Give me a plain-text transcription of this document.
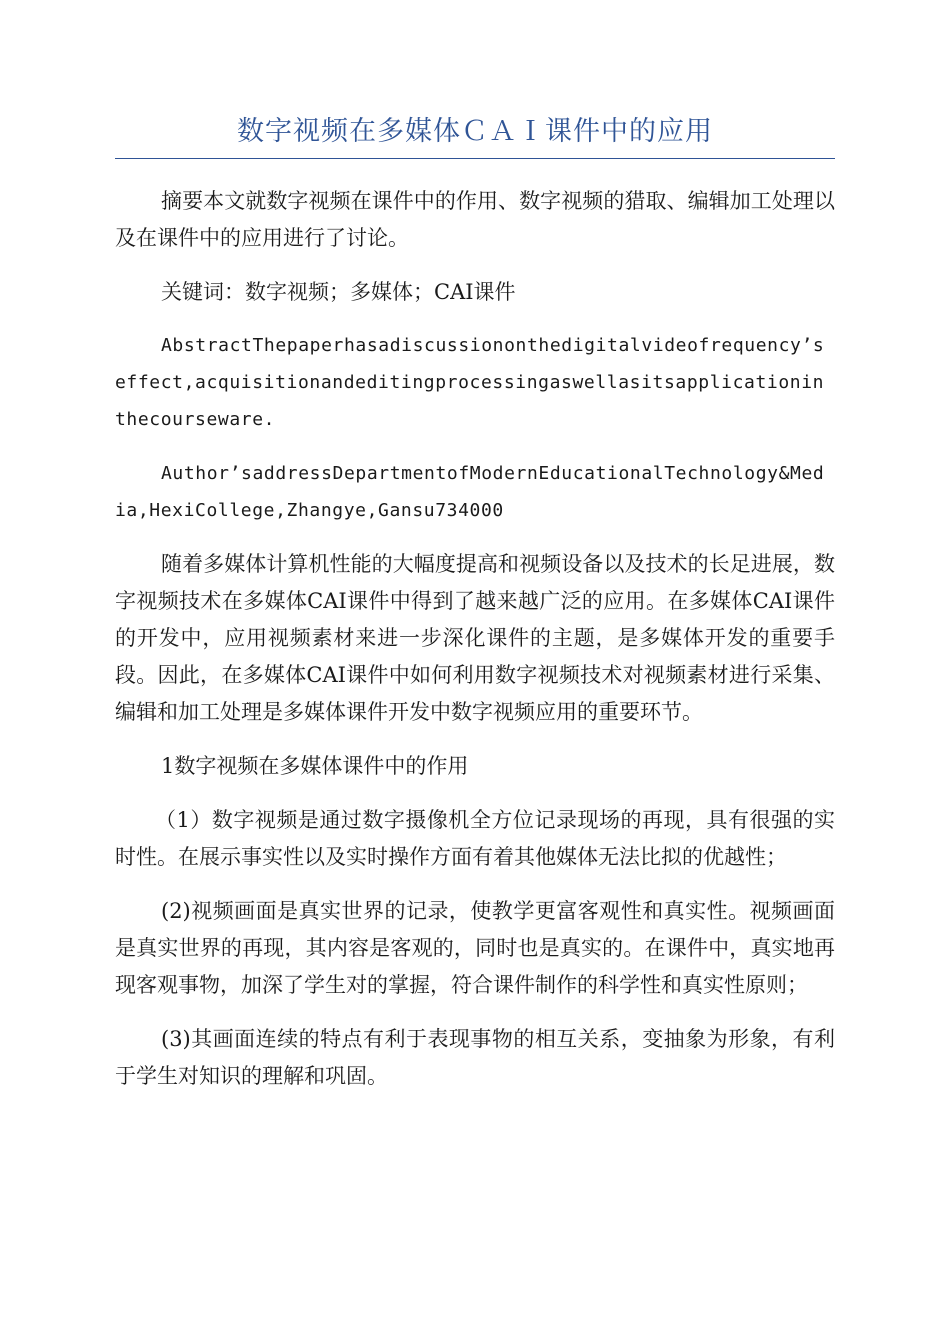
数字视频在多媒体ＣＡＩ课件中的应用

摘要本文就数字视频在课件中的作用、数字视频的猎取、编辑加工处理以及在课件中的应用进行了讨论。

关键词：数字视频；多媒体；CAI课件

AbstractThepaperhasadiscussiononthedigitalvideofrequency’seffect,acquisitionandeditingprocessingaswellasitsapplicationinthecourseware.

Author’saddressDepartmentofModernEducationalTechnology&Media,HexiCollege,Zhangye,Gansu734000

随着多媒体计算机性能的大幅度提高和视频设备以及技术的长足进展，数字视频技术在多媒体CAI课件中得到了越来越广泛的应用。在多媒体CAI课件的开发中，应用视频素材来进一步深化课件的主题，是多媒体开发的重要手段。因此，在多媒体CAI课件中如何利用数字视频技术对视频素材进行采集、编辑和加工处理是多媒体课件开发中数字视频应用的重要环节。

1数字视频在多媒体课件中的作用

（1）数字视频是通过数字摄像机全方位记录现场的再现，具有很强的实时性。在展示事实性以及实时操作方面有着其他媒体无法比拟的优越性；

(2)视频画面是真实世界的记录，使教学更富客观性和真实性。视频画面是真实世界的再现，其内容是客观的，同时也是真实的。在课件中，真实地再现客观事物，加深了学生对的掌握，符合课件制作的科学性和真实性原则；

(3)其画面连续的特点有利于表现事物的相互关系，变抽象为形象，有利于学生对知识的理解和巩固。
